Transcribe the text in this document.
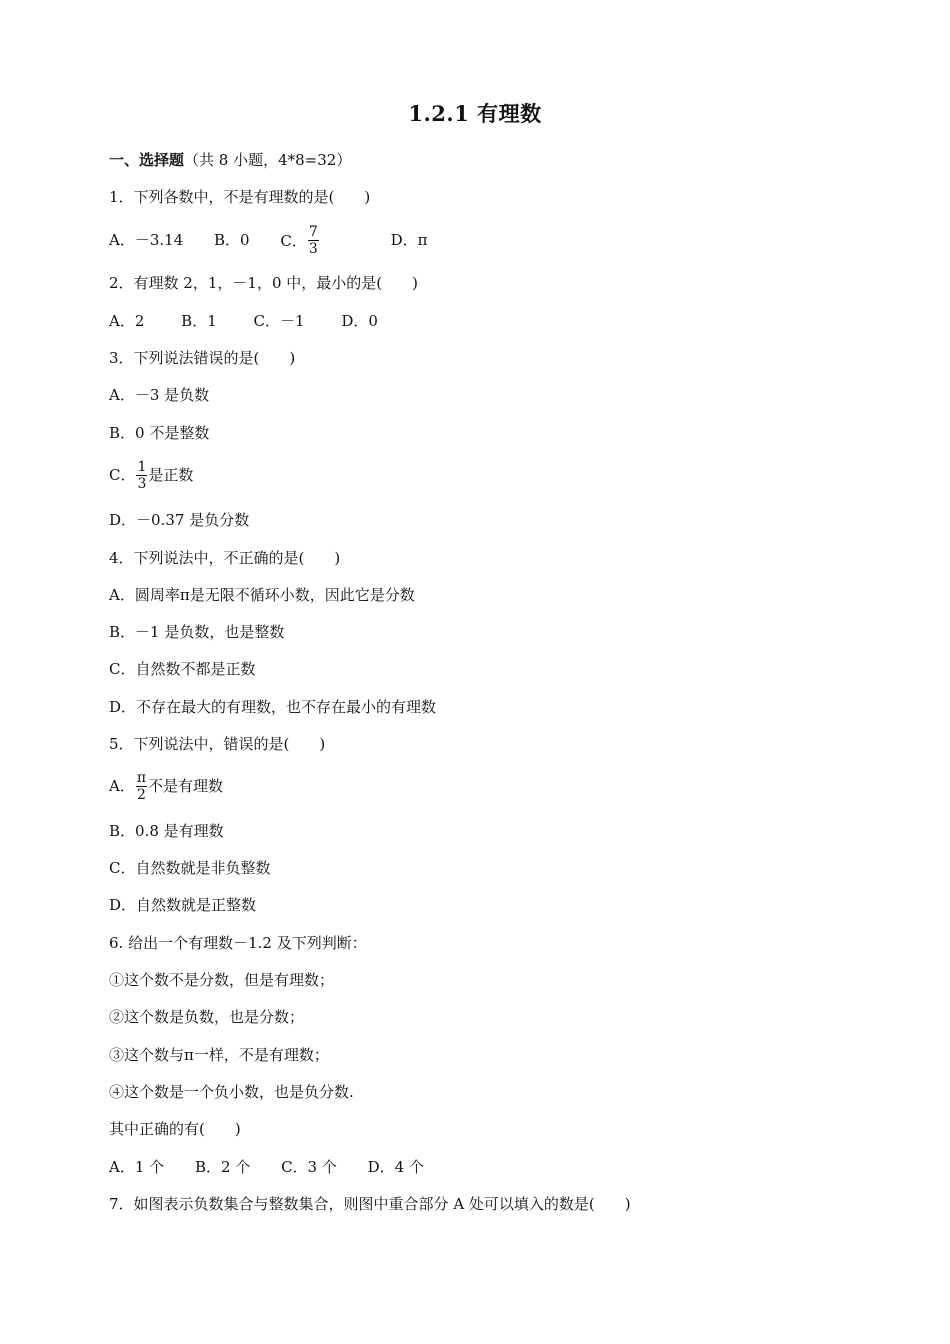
1.2.1 有理数
一、选择题（共 8 小题，4*8=32）
1．下列各数中，不是有理数的是( )
A．－3.14 B．0 C． $\frac{7}{3}$	D．π
2．有理数 2，1，－1，0 中，最小的是( )
A．2 B．1 C．－1 D．0
3．下列说法错误的是( )
A．－3 是负数
B．0 不是整数
C． $\frac{1}{3}$ 是正数
D．－0.37 是负分数
4．下列说法中，不正确的是( )
A．圆周率π是无限不循环小数，因此它是分数
B．－1 是负数，也是整数
C．自然数不都是正数
D．不存在最大的有理数，也不存在最小的有理数
5．下列说法中，错误的是( )
A． $\frac{\pi}{2}$ 不是有理数
B．0.8 是有理数
C．自然数就是非负整数
D．自然数就是正整数
6. 给出一个有理数－1.2 及下列判断：
①这个数不是分数，但是有理数；
②这个数是负数，也是分数；
③这个数与π一样，不是有理数；
④这个数是一个负小数，也是负分数.
其中正确的有( )
A．1 个 B．2 个 C．3 个 D．4 个
7．如图表示负数集合与整数集合，则图中重合部分 A 处可以填入的数是( )
